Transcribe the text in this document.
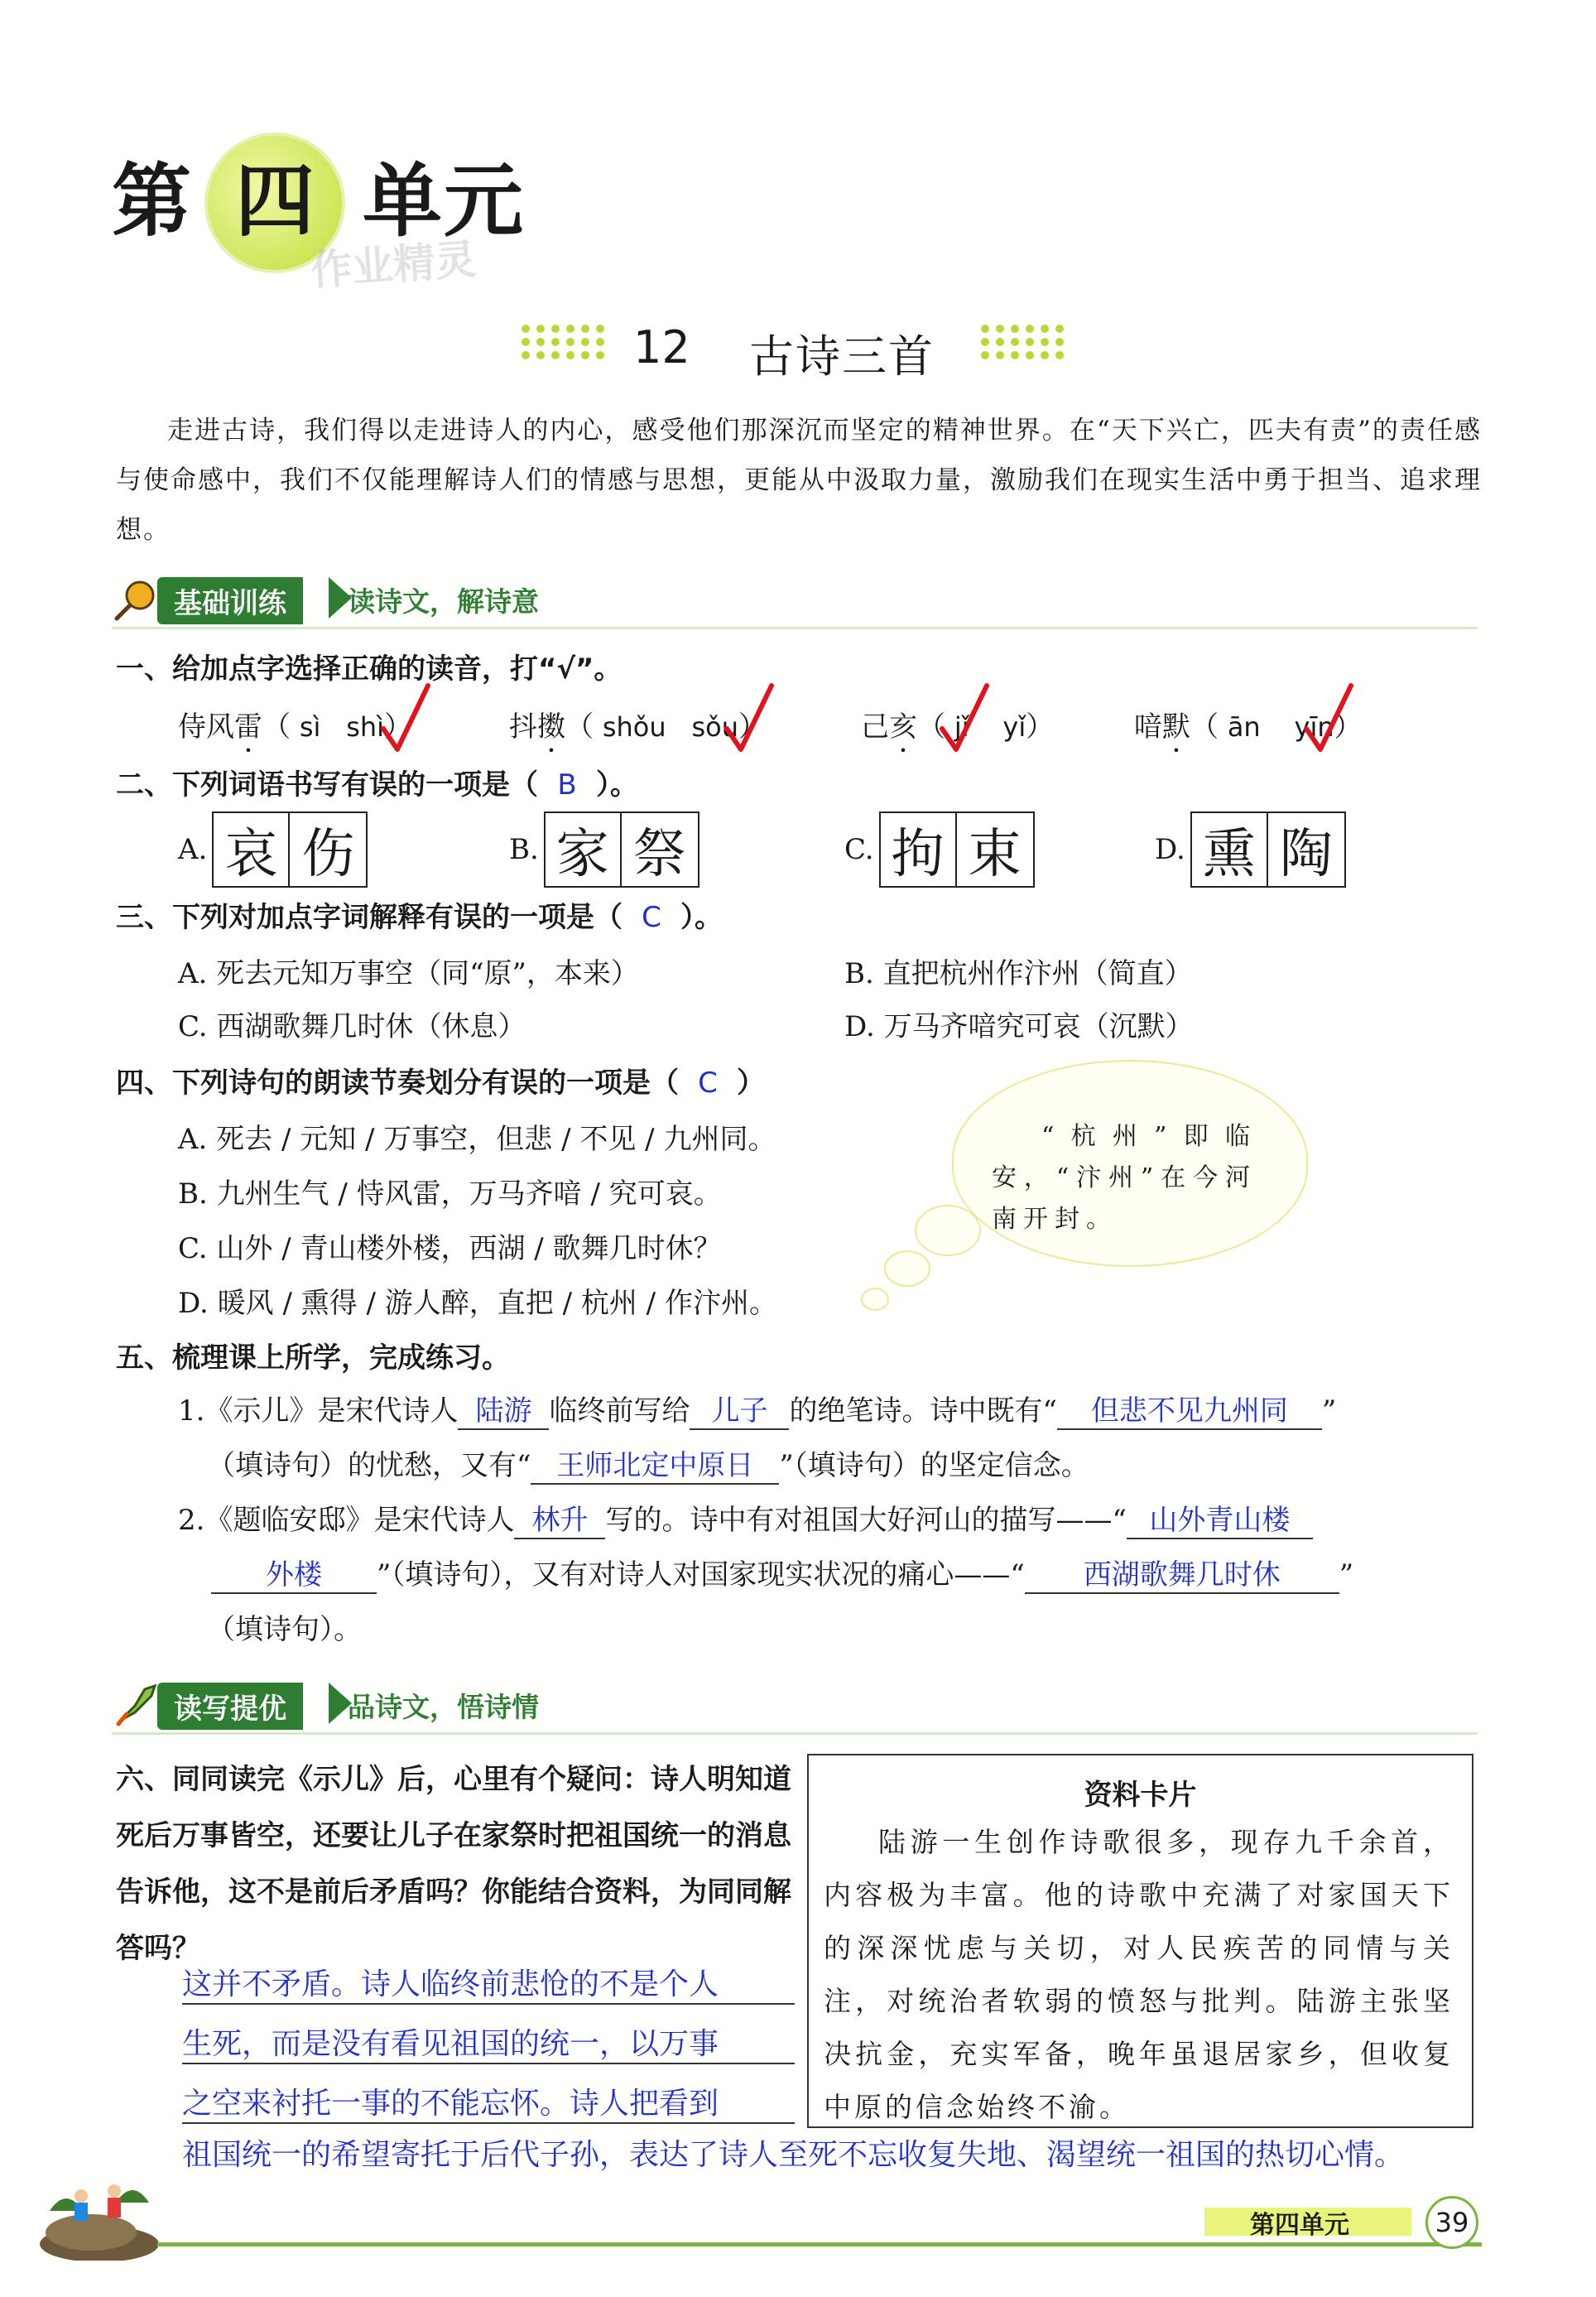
第 四 单元
作业精灵
12 古诗三首
走进古诗，我们得以走进诗人的内心，感受他们那深沉而坚定的精神世界。在“天下兴亡，匹夫有责”的责任感与使命感中，我们不仅能理解诗人们的情感与思想，更能从中汲取力量，激励我们在现实生活中勇于担当、追求理想。
基础训练	读诗文，解诗意
一、给加点字选择正确的读音，打“√”。
侍风雷（ sì shì）	抖擞（ shǒu sǒu）	己亥（ jǐ yǐ）	喑默（ ān yīn）
二、下列词语书写有误的一项是（ B ）。
A. 哀 伤	B. 家 祭	C. 拘 束	D. 熏 陶
三、下列对加点字词解释有误的一项是（ C ）。
A. 死去元知万事空（同“原”，本来）	B. 直把杭州作汴州（简直）
C. 西湖歌舞几时休（休息）	D. 万马齐喑究可哀（沉默）
四、下列诗句的朗读节奏划分有误的一项是（ C ）
A. 死去 / 元知 / 万事空，但悲 / 不见 / 九州同。
B. 九州生气 / 恃风雷，万马齐喑 / 究可哀。
C. 山外 / 青山楼外楼，西湖 / 歌舞几时休？
D. 暖风 / 熏得 / 游人醉，直把 / 杭州 / 作汴州。
“杭州”即临安，“汴州”在今河南开封。
五、梳理课上所学，完成练习。
1.《示儿》是宋代诗人 陆游 临终前写给 儿子 的绝笔诗。诗中既有“ 但悲不见九州同 ”
（填诗句）的忧愁，又有“ 王师北定中原日 ”（填诗句）的坚定信念。
2.《题临安邸》是宋代诗人 林升 写的。诗中有对祖国大好河山的描写——“ 山外青山楼
外楼 ”（填诗句），又有对诗人对国家现实状况的痛心——“ 西湖歌舞几时休 ”
（填诗句）。
读写提优	品诗文，悟诗情
六、同同读完《示儿》后，心里有个疑问：诗人明知道死后万事皆空，还要让儿子在家祭时把祖国统一的消息告诉他，这不是前后矛盾吗？你能结合资料，为同同解答吗？
这并不矛盾。诗人临终前悲怆的不是个人
生死，而是没有看见祖国的统一，以万事
之空来衬托一事的不能忘怀。诗人把看到
祖国统一的希望寄托于后代子孙，表达了诗人至死不忘收复失地、渴望统一祖国的热切心情。
资料卡片
陆游一生创作诗歌很多，现存九千余首，内容极为丰富。他的诗歌中充满了对家国天下的深深忧虑与关切，对人民疾苦的同情与关注，对统治者软弱的愤怒与批判。陆游主张坚决抗金，充实军备，晚年虽退居家乡，但收复中原的信念始终不渝。
第四单元	39
